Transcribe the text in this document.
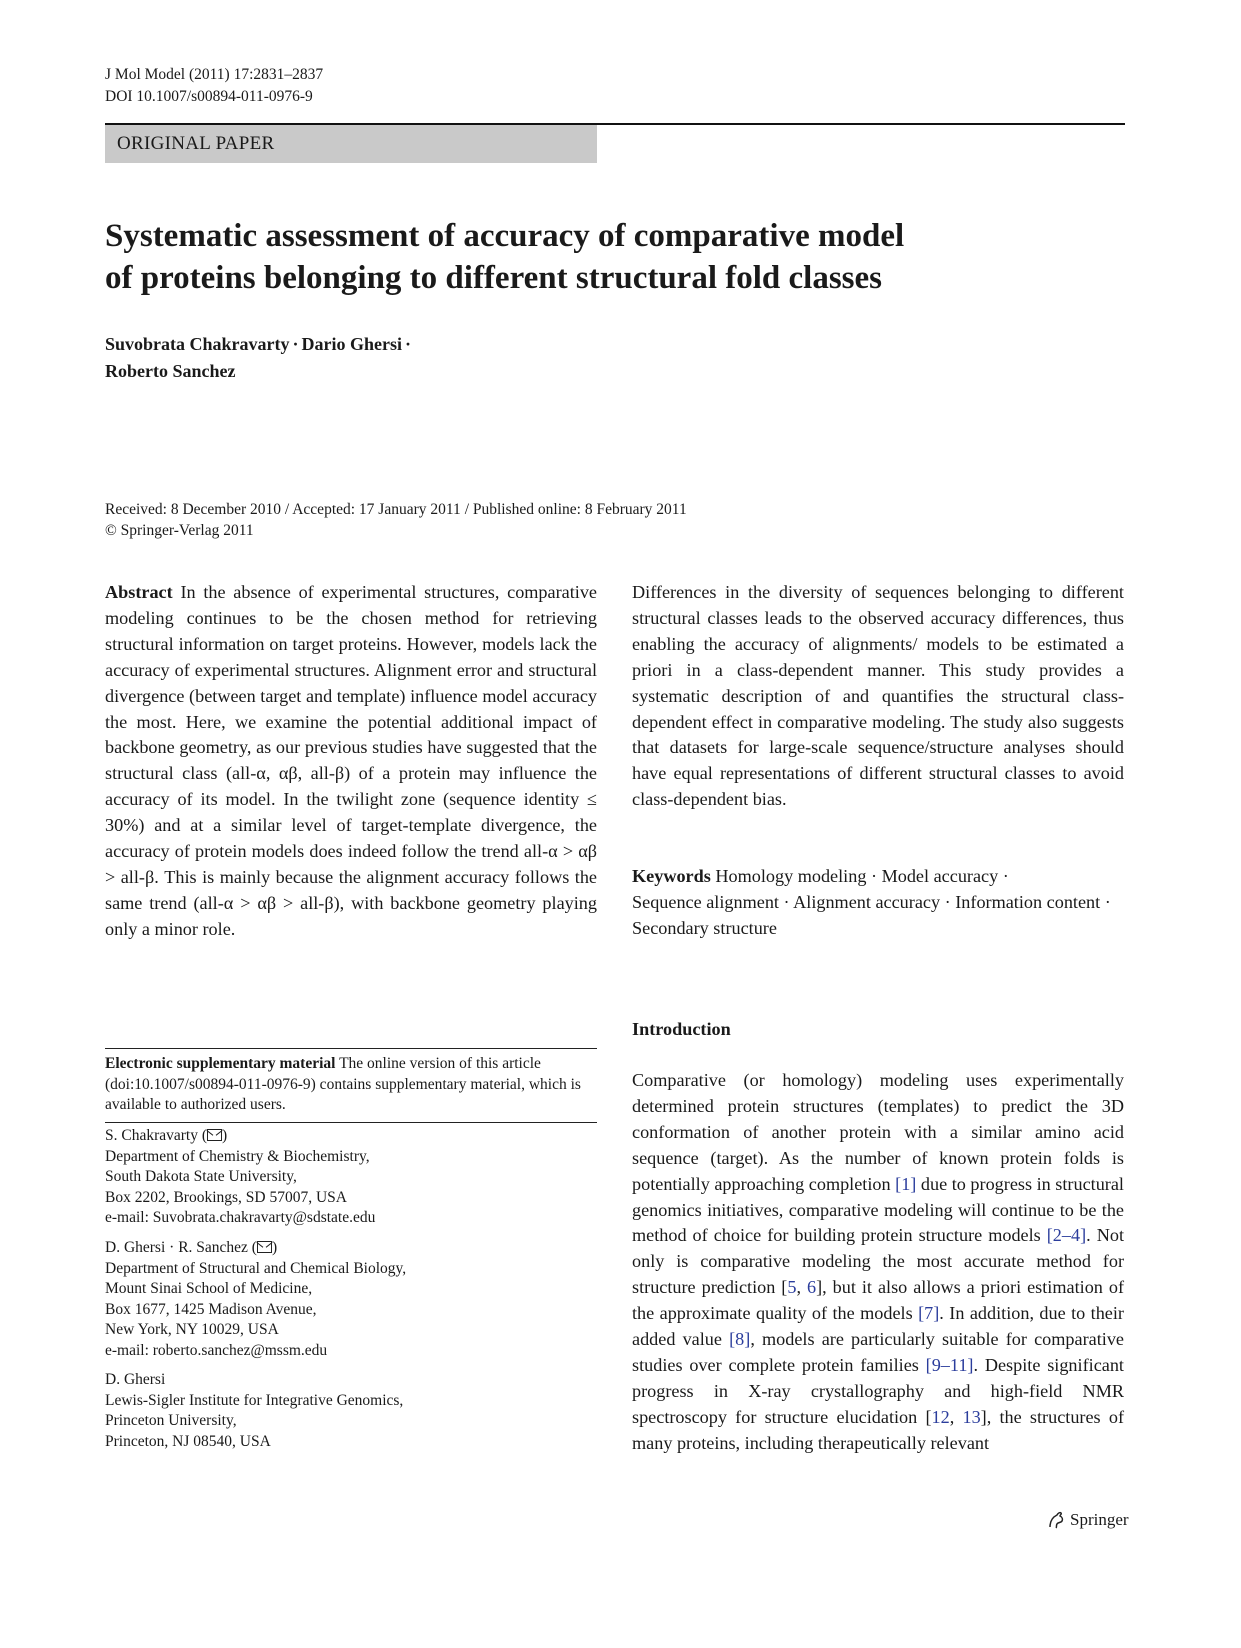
J Mol Model (2011) 17:2831–2837
DOI 10.1007/s00894-011-0976-9
ORIGINAL PAPER
Systematic assessment of accuracy of comparative model
of proteins belonging to different structural fold classes
Suvobrata Chakravarty · Dario Ghersi ·
Roberto Sanchez
Received: 8 December 2010 / Accepted: 17 January 2011 / Published online: 8 February 2011
© Springer-Verlag 2011
Abstract In the absence of experimental structures, comparative modeling continues to be the chosen method for retrieving structural information on target proteins. However, models lack the accuracy of experimental structures. Alignment error and structural divergence (between target and template) influence model accuracy the most. Here, we examine the potential additional impact of backbone geometry, as our previous studies have suggested that the structural class (all-α, αβ, all-β) of a protein may influence the accuracy of its model. In the twilight zone (sequence identity ≤ 30%) and at a similar level of target-template divergence, the accuracy of protein models does indeed follow the trend all-α > αβ > all-β. This is mainly because the alignment accuracy follows the same trend (all-α > αβ > all-β), with backbone geometry playing only a minor role.
Differences in the diversity of sequences belonging to different structural classes leads to the observed accuracy differences, thus enabling the accuracy of alignments/ models to be estimated a priori in a class-dependent manner. This study provides a systematic description of and quantifies the structural class-dependent effect in comparative modeling. The study also suggests that datasets for large-scale sequence/structure analyses should have equal representations of different structural classes to avoid class-dependent bias.
Keywords Homology modeling · Model accuracy ·
Sequence alignment · Alignment accuracy · Information content · Secondary structure
Introduction
Comparative (or homology) modeling uses experimentally determined protein structures (templates) to predict the 3D conformation of another protein with a similar amino acid sequence (target). As the number of known protein folds is potentially approaching completion [1] due to progress in structural genomics initiatives, comparative modeling will continue to be the method of choice for building protein structure models [2–4]. Not only is comparative modeling the most accurate method for structure prediction [5, 6], but it also allows a priori estimation of the approximate quality of the models [7]. In addition, due to their added value [8], models are particularly suitable for comparative studies over complete protein families [9–11]. Despite significant progress in X-ray crystallography and high-field NMR spectroscopy for structure elucidation [12, 13], the structures of many proteins, including therapeutically relevant
Electronic supplementary material The online version of this article (doi:10.1007/s00894-011-0976-9) contains supplementary material, which is available to authorized users.
S. Chakravarty ( )
Department of Chemistry & Biochemistry,
South Dakota State University,
Box 2202, Brookings, SD 57007, USA
e-mail: Suvobrata.chakravarty@sdstate.edu
D. Ghersi · R. Sanchez ( )
Department of Structural and Chemical Biology,
Mount Sinai School of Medicine,
Box 1677, 1425 Madison Avenue,
New York, NY 10029, USA
e-mail: roberto.sanchez@mssm.edu
D. Ghersi
Lewis-Sigler Institute for Integrative Genomics,
Princeton University,
Princeton, NJ 08540, USA
Springer
